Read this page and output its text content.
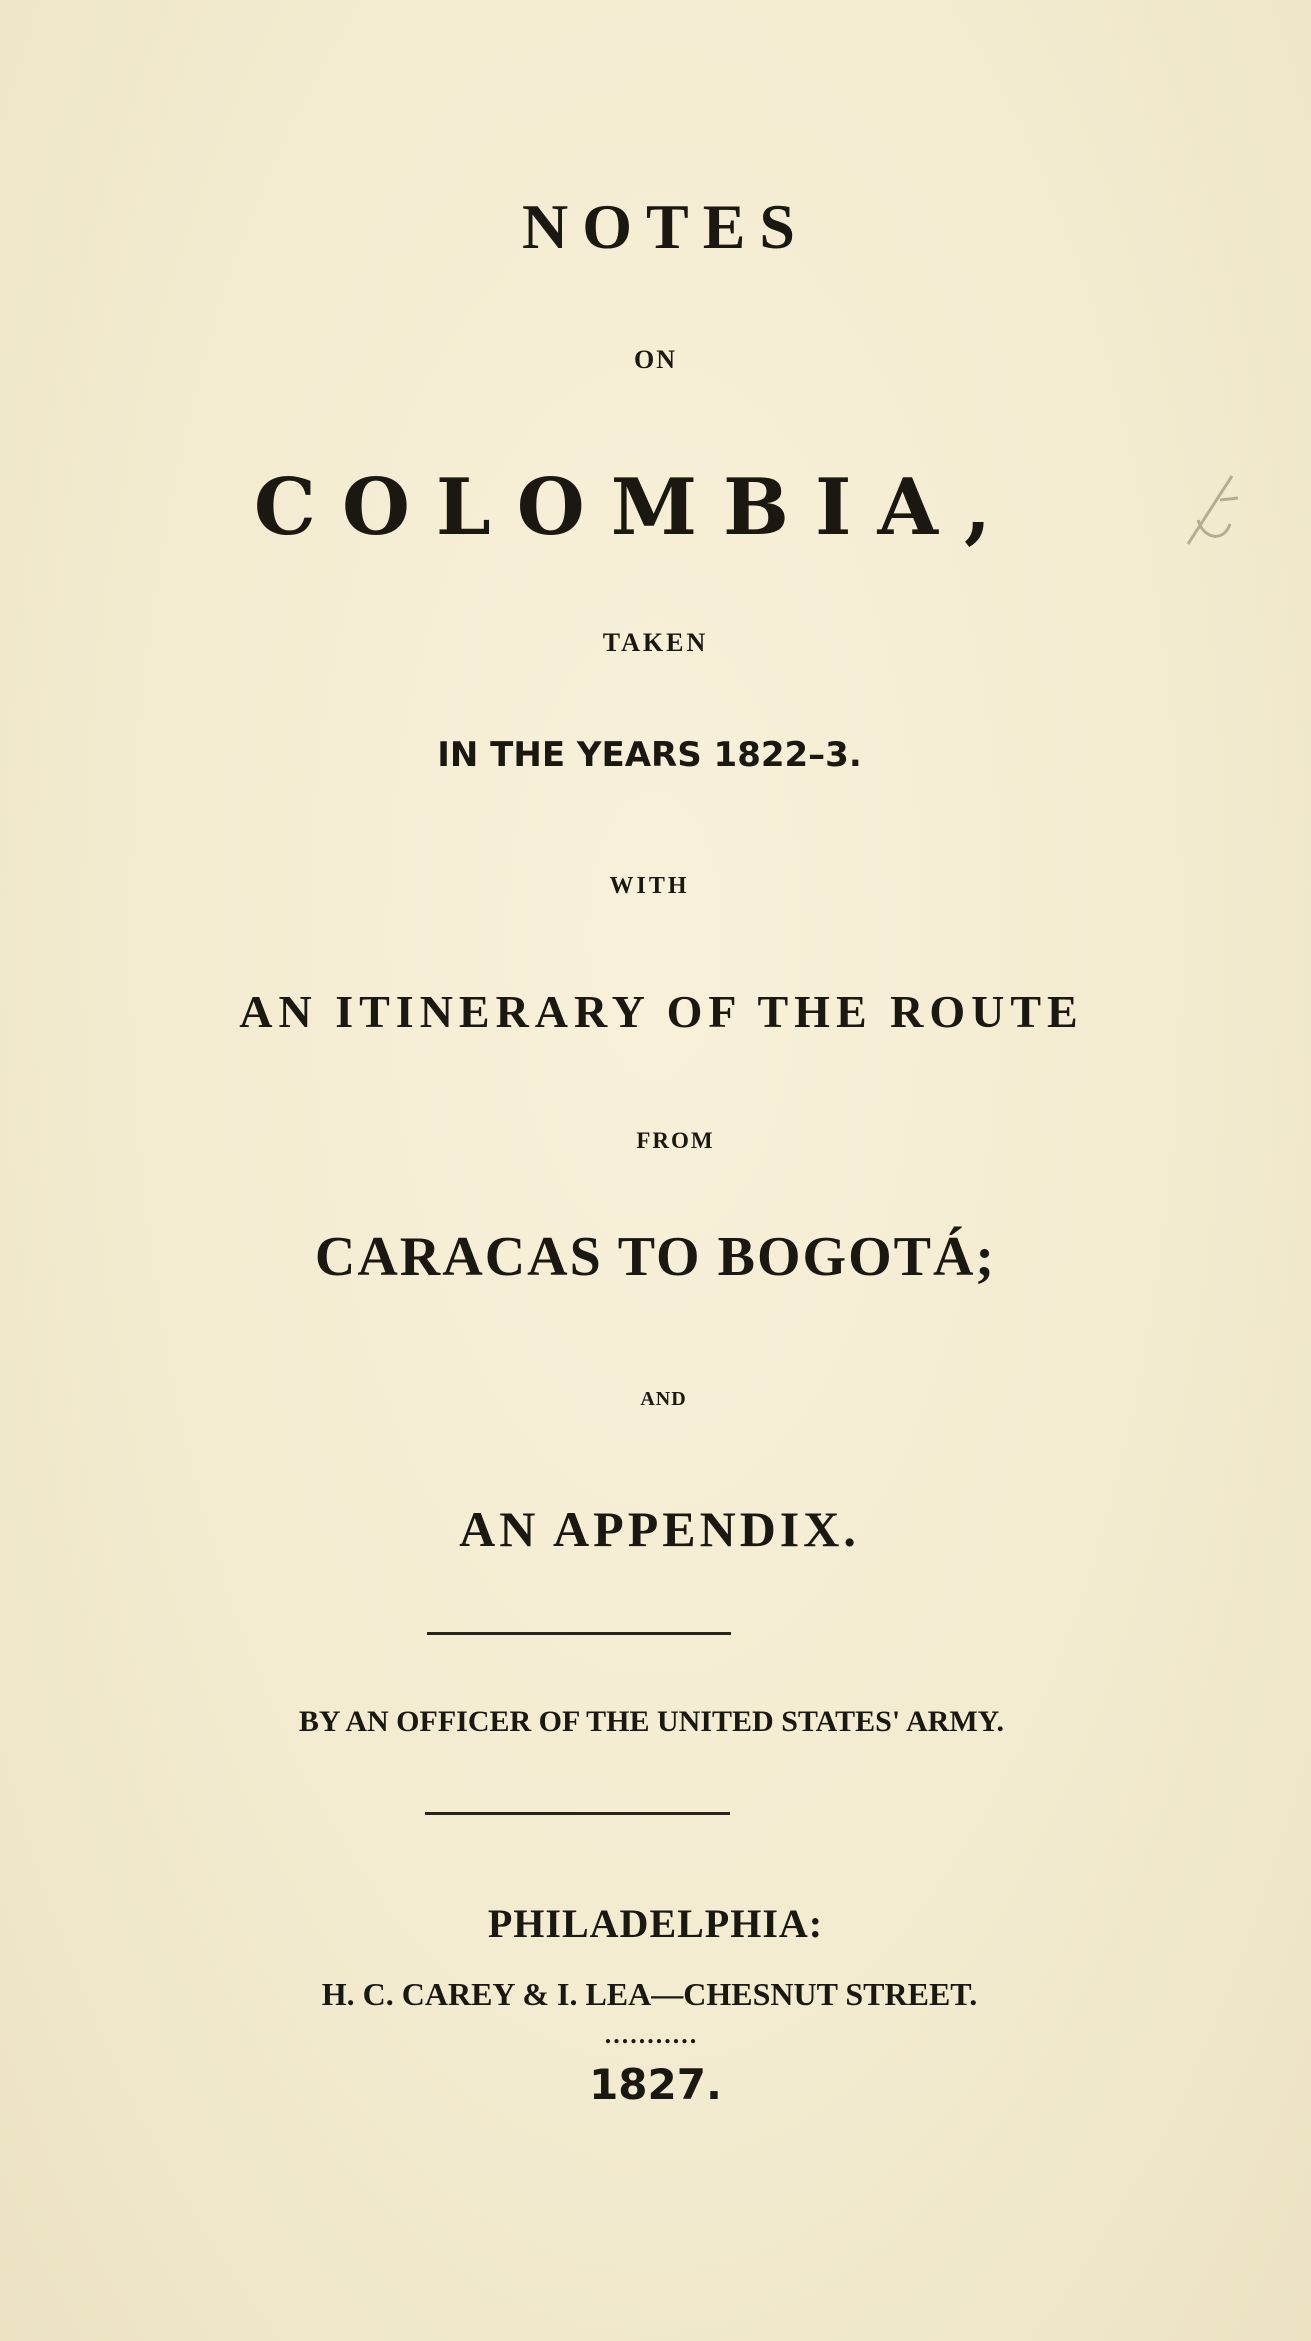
NOTES
ON
COLOMBIA,
TAKEN
IN THE YEARS 1822–3.
WITH
AN ITINERARY OF THE ROUTE
FROM
CARACAS TO BOGOTÁ;
AND
AN APPENDIX.
BY AN OFFICER OF THE UNITED STATES' ARMY.
PHILADELPHIA:
H. C. CAREY & I. LEA—CHESNUT STREET.
...........
1827.
